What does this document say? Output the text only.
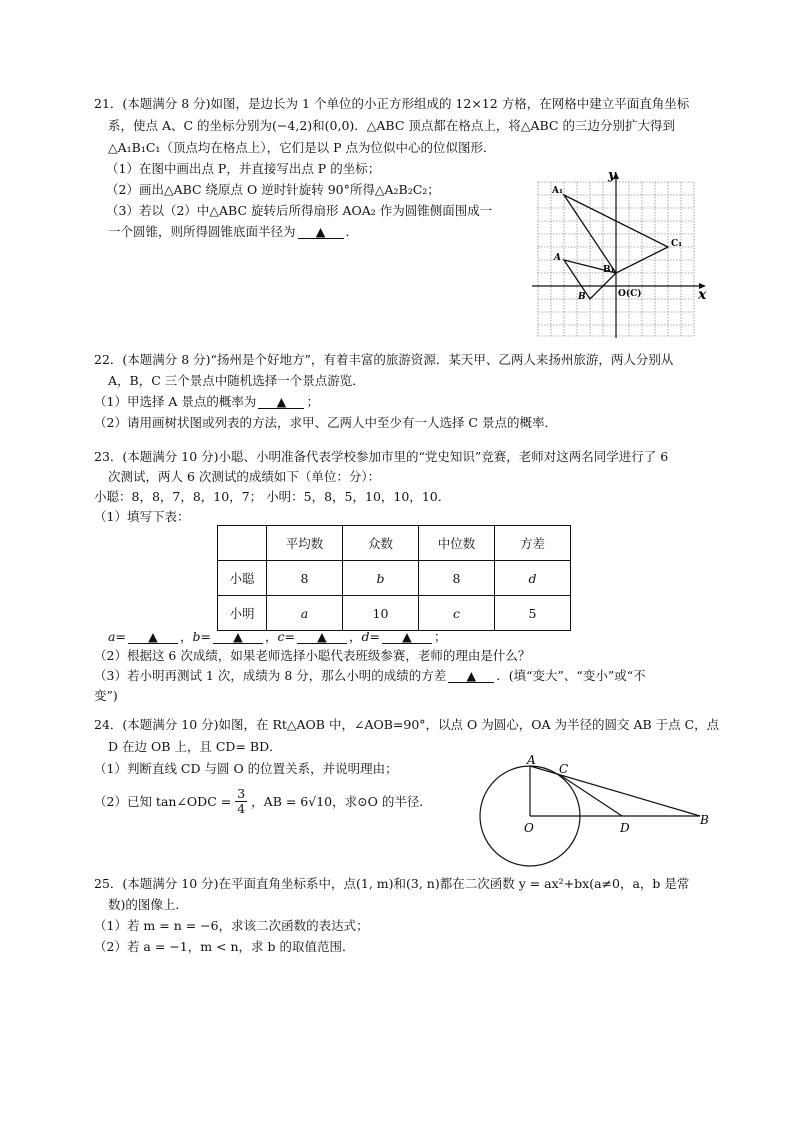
21．(本题满分 8 分)如图，是边长为 1 个单位的小正方形组成的 12×12 方格，在网格中建立平面直角坐标
系，使点 A、C 的坐标分别为(−4,2)和(0,0)．△ABC 顶点都在格点上，将△ABC 的三边分别扩大得到
△A₁B₁C₁（顶点均在格点上），它们是以 P 点为位似中心的位似图形．
（1）在图中画出点 P，并直接写出点 P 的坐标；
（2）画出△ABC 绕原点 O 逆时针旋转 90°所得△A₂B₂C₂；
（3）若以（2）中△ABC 旋转后所得扇形 AOA₂ 作为圆锥侧面围成一
一个圆锥，则所得圆锥底面半径为 ▲ ．
y
x
A₁
A
B
B₁
C₁
O(C)
22．(本题满分 8 分)“扬州是个好地方”，有着丰富的旅游资源．某天甲、乙两人来扬州旅游，两人分别从
A，B，C 三个景点中随机选择一个景点游览．
（1）甲选择 A 景点的概率为 ▲ ；
（2）请用画树状图或列表的方法，求甲、乙两人中至少有一人选择 C 景点的概率．
23．(本题满分 10 分)小聪、小明准备代表学校参加市里的“党史知识”竞赛，老师对这两名同学进行了 6
次测试，两人 6 次测试的成绩如下（单位：分）：
小聪：8，8，7，8，10，7； 小明：5，8，5，10，10，10．
（1）填写下表：
	平均数	众数	中位数	方差
小聪	8	b	8	d
小明	a	10	c	5
a= ▲ ，b= ▲ ，c= ▲ ，d= ▲ ；
（2）根据这 6 次成绩，如果老师选择小聪代表班级参赛，老师的理由是什么？
（3）若小明再测试 1 次，成绩为 8 分，那么小明的成绩的方差 ▲ ．(填“变大”、“变小”或“不
变”)
24．(本题满分 10 分)如图，在 Rt△AOB 中，∠AOB=90°，以点 O 为圆心，OA 为半径的圆交 AB 于点 C，点
D 在边 OB 上，且 CD= BD．
（1）判断直线 CD 与圆 O 的位置关系，并说明理由；
（2）已知 tan∠ODC = $\frac{3}{4}$ ，AB = 6√10，求⊙O 的半径．
A
C
O	D
B
25．(本题满分 10 分)在平面直角坐标系中，点(1, m)和(3, n)都在二次函数 y = ax²+bx(a≠0，a，b 是常
数)的图像上．
（1）若 m = n = −6，求该二次函数的表达式；
（2）若 a = −1，m < n，求 b 的取值范围．
